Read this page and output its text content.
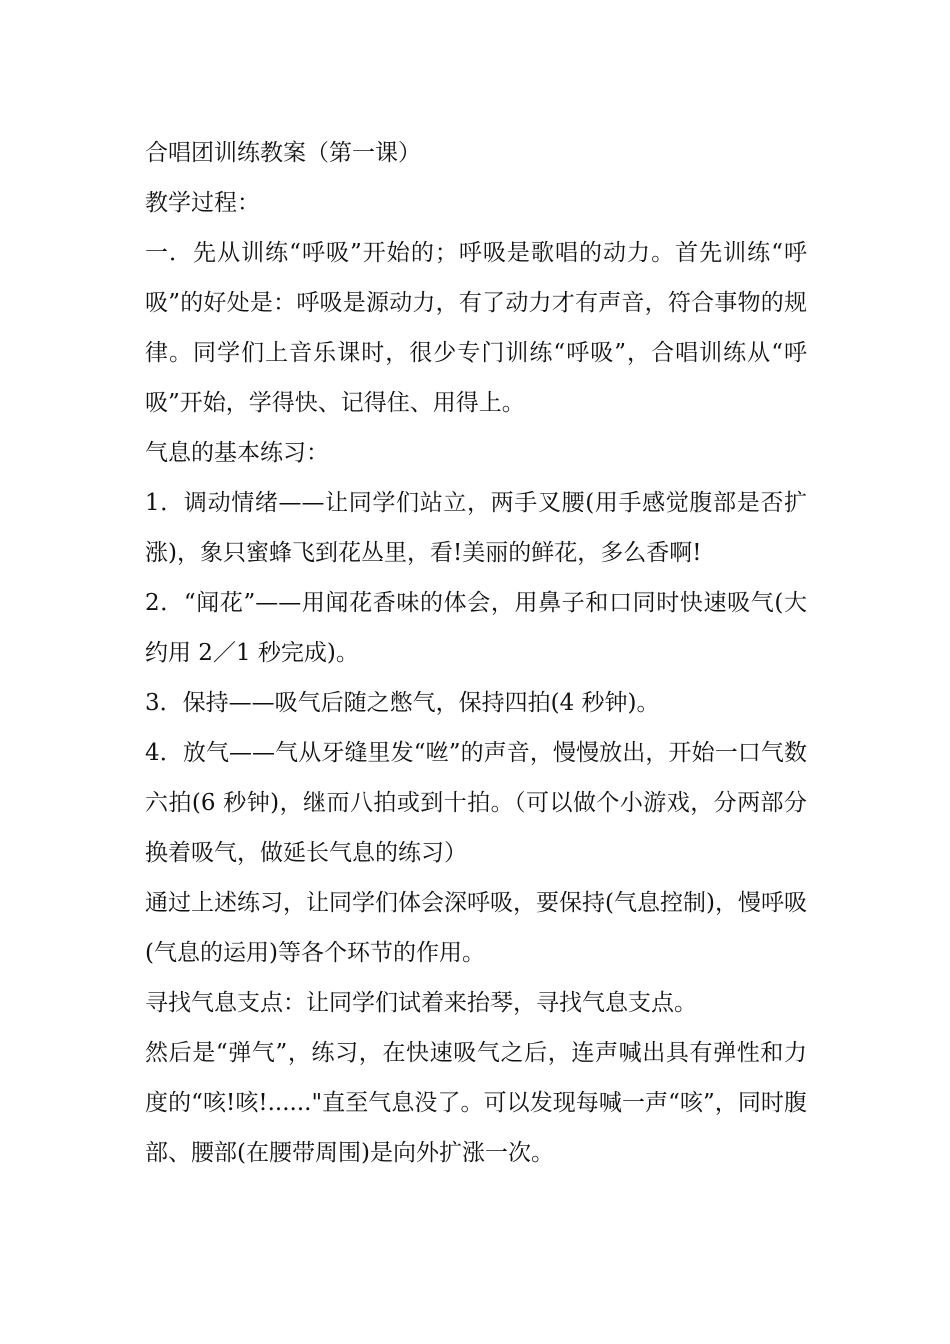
合唱团训练教案（第一课）

教学过程：

一．先从训练“呼吸”开始的；呼吸是歌唱的动力。首先训练“呼吸”的好处是：呼吸是源动力，有了动力才有声音，符合事物的规律。同学们上音乐课时，很少专门训练“呼吸”，合唱训练从“呼吸”开始，学得快、记得住、用得上。

气息的基本练习：

1．调动情绪——让同学们站立，两手叉腰(用手感觉腹部是否扩涨)，象只蜜蜂飞到花丛里，看!美丽的鲜花，多么香啊!

2．“闻花”——用闻花香味的体会，用鼻子和口同时快速吸气(大约用 2／1 秒完成)。

3．保持——吸气后随之憋气，保持四拍(4 秒钟)。

4．放气——气从牙缝里发“咝”的声音，慢慢放出，开始一口气数六拍(6 秒钟)，继而八拍或到十拍。（可以做个小游戏，分两部分换着吸气，做延长气息的练习）

通过上述练习，让同学们体会深呼吸，要保持(气息控制)，慢呼吸(气息的运用)等各个环节的作用。

寻找气息支点：让同学们试着来抬琴，寻找气息支点。

然后是“弹气”，练习，在快速吸气之后，连声喊出具有弹性和力度的“咳!咳!......"直至气息没了。可以发现每喊一声“咳”，同时腹部、腰部(在腰带周围)是向外扩涨一次。
